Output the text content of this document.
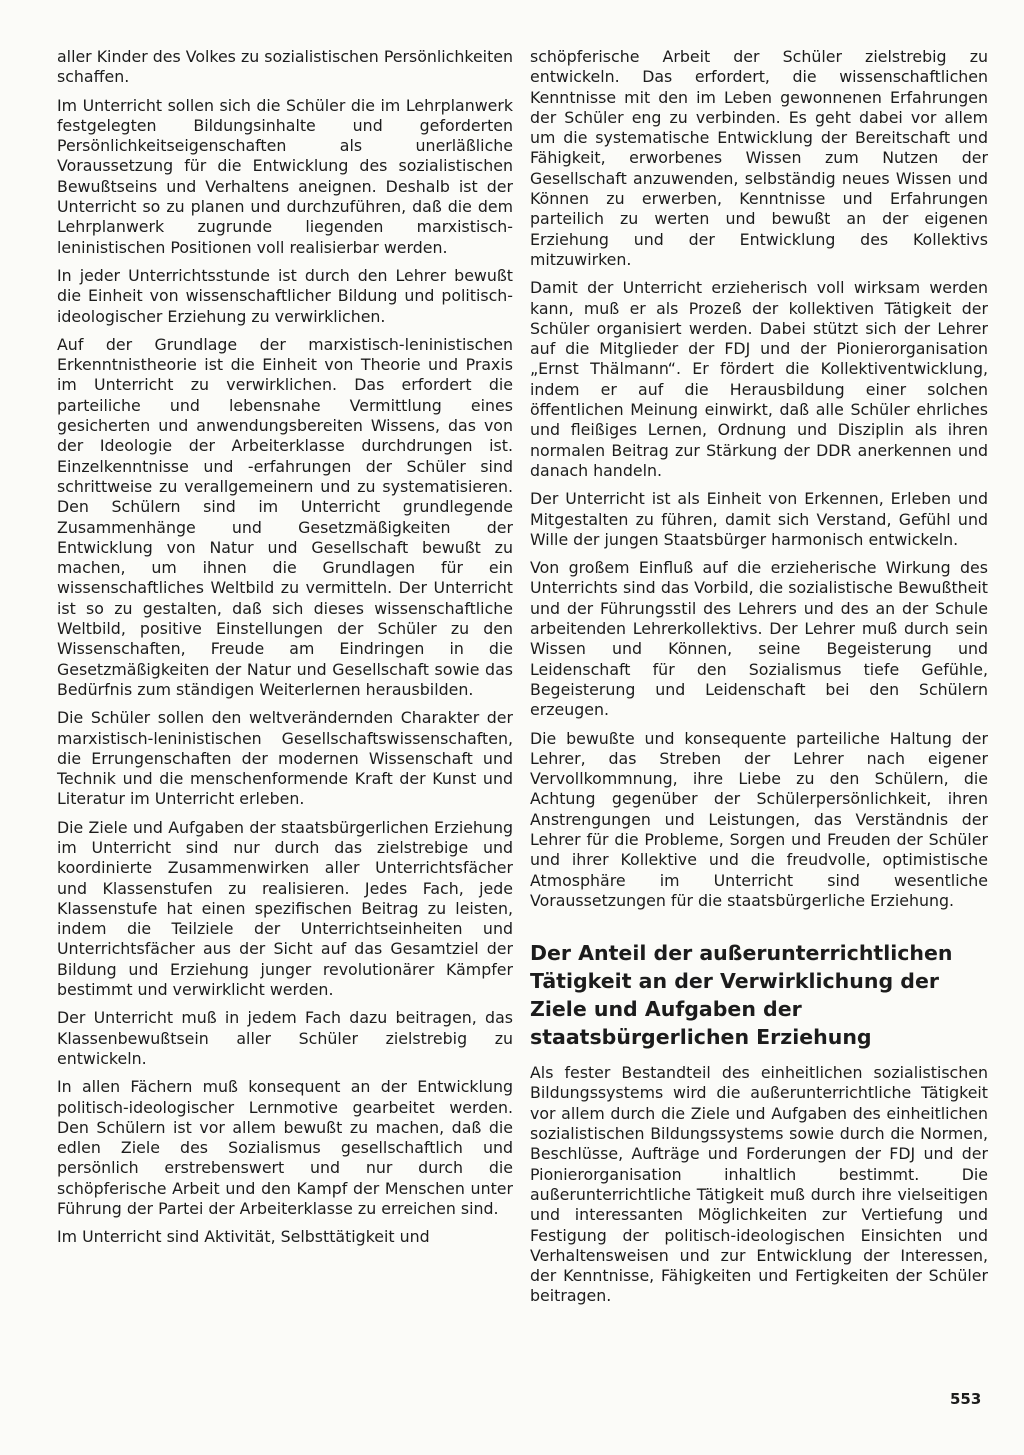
aller Kinder des Volkes zu sozialistischen Persönlichkeiten schaffen.

Im Unterricht sollen sich die Schüler die im Lehrplanwerk festgelegten Bildungsinhalte und geforderten Persönlichkeitseigenschaften als unerläßliche Voraussetzung für die Entwicklung des sozialistischen Bewußtseins und Verhaltens aneignen. Deshalb ist der Unterricht so zu planen und durchzuführen, daß die dem Lehrplanwerk zugrunde liegenden marxistisch-leninistischen Positionen voll realisierbar werden.

In jeder Unterrichtsstunde ist durch den Lehrer bewußt die Einheit von wissenschaftlicher Bildung und politisch-ideologischer Erziehung zu verwirklichen.

Auf der Grundlage der marxistisch-leninistischen Erkenntnistheorie ist die Einheit von Theorie und Praxis im Unterricht zu verwirklichen. Das erfordert die parteiliche und lebensnahe Vermittlung eines gesicherten und anwendungsbereiten Wissens, das von der Ideologie der Arbeiterklasse durchdrungen ist. Einzelkenntnisse und -erfahrungen der Schüler sind schrittweise zu verallgemeinern und zu systematisieren. Den Schülern sind im Unterricht grundlegende Zusammenhänge und Gesetzmäßigkeiten der Entwicklung von Natur und Gesellschaft bewußt zu machen, um ihnen die Grundlagen für ein wissenschaftliches Weltbild zu vermitteln. Der Unterricht ist so zu gestalten, daß sich dieses wissenschaftliche Weltbild, positive Einstellungen der Schüler zu den Wissenschaften, Freude am Eindringen in die Gesetzmäßigkeiten der Natur und Gesellschaft sowie das Bedürfnis zum ständigen Weiterlernen herausbilden.

Die Schüler sollen den weltverändernden Charakter der marxistisch-leninistischen Gesellschaftswissenschaften, die Errungenschaften der modernen Wissenschaft und Technik und die menschenformende Kraft der Kunst und Literatur im Unterricht erleben.

Die Ziele und Aufgaben der staatsbürgerlichen Erziehung im Unterricht sind nur durch das zielstrebige und koordinierte Zusammenwirken aller Unterrichtsfächer und Klassenstufen zu realisieren. Jedes Fach, jede Klassenstufe hat einen spezifischen Beitrag zu leisten, indem die Teilziele der Unterrichtseinheiten und Unterrichtsfächer aus der Sicht auf das Gesamtziel der Bildung und Erziehung junger revolutionärer Kämpfer bestimmt und verwirklicht werden.

Der Unterricht muß in jedem Fach dazu beitragen, das Klassenbewußtsein aller Schüler zielstrebig zu entwickeln.

In allen Fächern muß konsequent an der Entwicklung politisch-ideologischer Lernmotive gearbeitet werden. Den Schülern ist vor allem bewußt zu machen, daß die edlen Ziele des Sozialismus gesellschaftlich und persönlich erstrebenswert und nur durch die schöpferische Arbeit und den Kampf der Menschen unter Führung der Partei der Arbeiterklasse zu erreichen sind.

Im Unterricht sind Aktivität, Selbsttätigkeit und

schöpferische Arbeit der Schüler zielstrebig zu entwickeln. Das erfordert, die wissenschaftlichen Kenntnisse mit den im Leben gewonnenen Erfahrungen der Schüler eng zu verbinden. Es geht dabei vor allem um die systematische Entwicklung der Bereitschaft und Fähigkeit, erworbenes Wissen zum Nutzen der Gesellschaft anzuwenden, selbständig neues Wissen und Können zu erwerben, Kenntnisse und Erfahrungen parteilich zu werten und bewußt an der eigenen Erziehung und der Entwicklung des Kollektivs mitzuwirken.

Damit der Unterricht erzieherisch voll wirksam werden kann, muß er als Prozeß der kollektiven Tätigkeit der Schüler organisiert werden. Dabei stützt sich der Lehrer auf die Mitglieder der FDJ und der Pionierorganisation „Ernst Thälmann“. Er fördert die Kollektiventwicklung, indem er auf die Herausbildung einer solchen öffentlichen Meinung einwirkt, daß alle Schüler ehrliches und fleißiges Lernen, Ordnung und Disziplin als ihren normalen Beitrag zur Stärkung der DDR anerkennen und danach handeln.

Der Unterricht ist als Einheit von Erkennen, Erleben und Mitgestalten zu führen, damit sich Verstand, Gefühl und Wille der jungen Staatsbürger harmonisch entwickeln.

Von großem Einfluß auf die erzieherische Wirkung des Unterrichts sind das Vorbild, die sozialistische Bewußtheit und der Führungsstil des Lehrers und des an der Schule arbeitenden Lehrerkollektivs. Der Lehrer muß durch sein Wissen und Können, seine Begeisterung und Leidenschaft für den Sozialismus tiefe Gefühle, Begeisterung und Leidenschaft bei den Schülern erzeugen.

Die bewußte und konsequente parteiliche Haltung der Lehrer, das Streben der Lehrer nach eigener Vervollkommnung, ihre Liebe zu den Schülern, die Achtung gegenüber der Schülerpersönlichkeit, ihren Anstrengungen und Leistungen, das Verständnis der Lehrer für die Probleme, Sorgen und Freuden der Schüler und ihrer Kollektive und die freudvolle, optimistische Atmosphäre im Unterricht sind wesentliche Voraussetzungen für die staatsbürgerliche Erziehung.

Der Anteil der außerunterrichtlichen Tätigkeit an der Verwirklichung der Ziele und Aufgaben der staatsbürgerlichen Erziehung

Als fester Bestandteil des einheitlichen sozialistischen Bildungssystems wird die außerunterrichtliche Tätigkeit vor allem durch die Ziele und Aufgaben des einheitlichen sozialistischen Bildungssystems sowie durch die Normen, Beschlüsse, Aufträge und Forderungen der FDJ und der Pionierorganisation inhaltlich bestimmt. Die außerunterrichtliche Tätigkeit muß durch ihre vielseitigen und interessanten Möglichkeiten zur Vertiefung und Festigung der politisch-ideologischen Einsichten und Verhaltensweisen und zur Entwicklung der Interessen, der Kenntnisse, Fähigkeiten und Fertigkeiten der Schüler beitragen.

553
